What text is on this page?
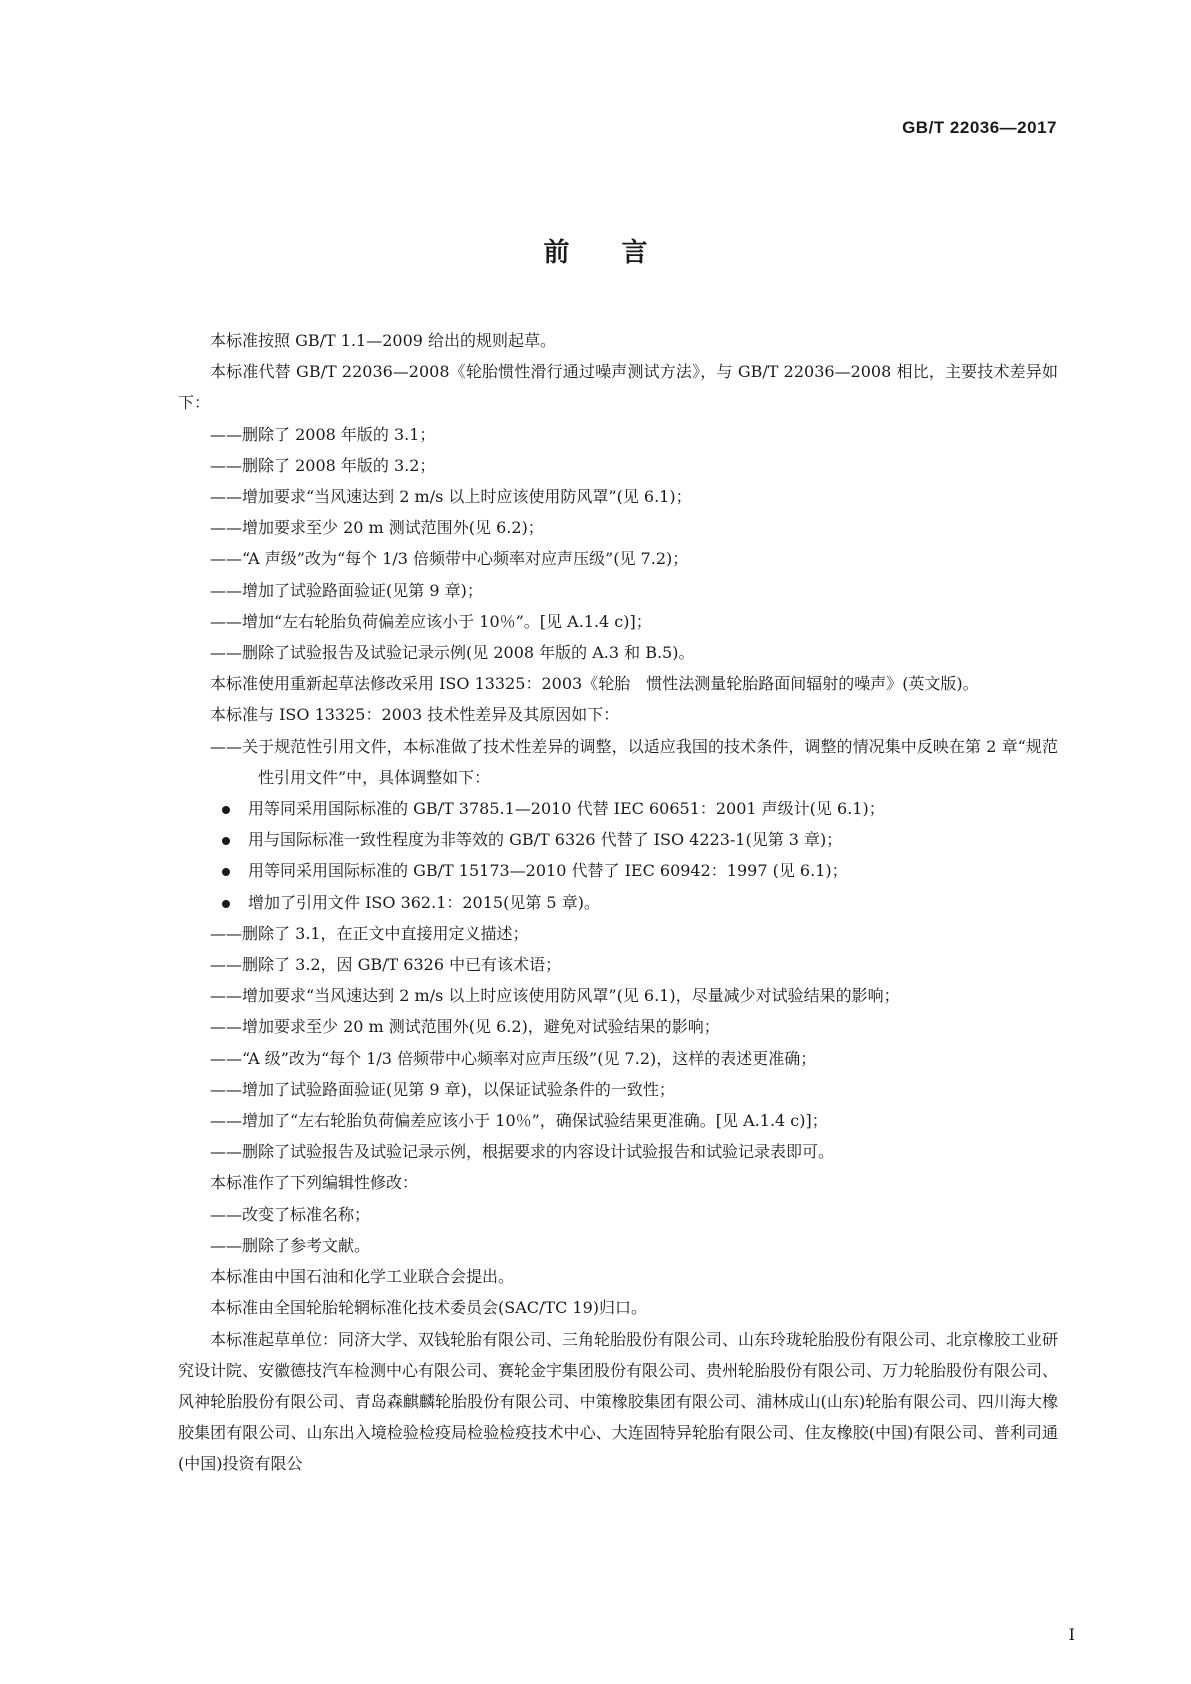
GB/T 22036—2017
前言

本标准按照 GB/T 1.1—2009 给出的规则起草。

本标准代替 GB/T 22036—2008《轮胎惯性滑行通过噪声测试方法》，与 GB/T 22036—2008 相比，主要技术差异如下：

——删除了 2008 年版的 3.1；

——删除了 2008 年版的 3.2；

——增加要求“当风速达到 2 m/s 以上时应该使用防风罩”(见 6.1)；

——增加要求至少 20 m 测试范围外(见 6.2)；

——“A 声级”改为“每个 1/3 倍频带中心频率对应声压级”(见 7.2)；

——增加了试验路面验证(见第 9 章)；

——增加“左右轮胎负荷偏差应该小于 10％”。[见 A.1.4 c)]；

——删除了试验报告及试验记录示例(见 2008 年版的 A.3 和 B.5)。

本标准使用重新起草法修改采用 ISO 13325：2003《轮胎　惯性法测量轮胎路面间辐射的噪声》(英文版)。

本标准与 ISO 13325：2003 技术性差异及其原因如下：

——关于规范性引用文件，本标准做了技术性差异的调整，以适应我国的技术条件，调整的情况集中反映在第 2 章“规范性引用文件”中，具体调整如下：

用等同采用国际标准的 GB/T 3785.1—2010 代替 IEC 60651：2001 声级计(见 6.1)；

用与国际标准一致性程度为非等效的 GB/T 6326 代替了 ISO 4223-1(见第 3 章)；

用等同采用国际标准的 GB/T 15173—2010 代替了 IEC 60942：1997 (见 6.1)；

增加了引用文件 ISO 362.1：2015(见第 5 章)。

——删除了 3.1，在正文中直接用定义描述；

——删除了 3.2，因 GB/T 6326 中已有该术语；

——增加要求“当风速达到 2 m/s 以上时应该使用防风罩”(见 6.1)，尽量减少对试验结果的影响；

——增加要求至少 20 m 测试范围外(见 6.2)，避免对试验结果的影响；

——“A 级”改为“每个 1/3 倍频带中心频率对应声压级”(见 7.2)，这样的表述更准确；

——增加了试验路面验证(见第 9 章)，以保证试验条件的一致性；

——增加了“左右轮胎负荷偏差应该小于 10％”，确保试验结果更准确。[见 A.1.4 c)]；

——删除了试验报告及试验记录示例，根据要求的内容设计试验报告和试验记录表即可。

本标准作了下列编辑性修改：

——改变了标准名称；

——删除了参考文献。

本标准由中国石油和化学工业联合会提出。

本标准由全国轮胎轮辋标准化技术委员会(SAC/TC 19)归口。

本标准起草单位：同济大学、双钱轮胎有限公司、三角轮胎股份有限公司、山东玲珑轮胎股份有限公司、北京橡胶工业研究设计院、安徽德技汽车检测中心有限公司、赛轮金宇集团股份有限公司、贵州轮胎股份有限公司、万力轮胎股份有限公司、风神轮胎股份有限公司、青岛森麒麟轮胎股份有限公司、中策橡胶集团有限公司、浦林成山(山东)轮胎有限公司、四川海大橡胶集团有限公司、山东出入境检验检疫局检验检疫技术中心、大连固特异轮胎有限公司、住友橡胶(中国)有限公司、普利司通(中国)投资有限公

I
